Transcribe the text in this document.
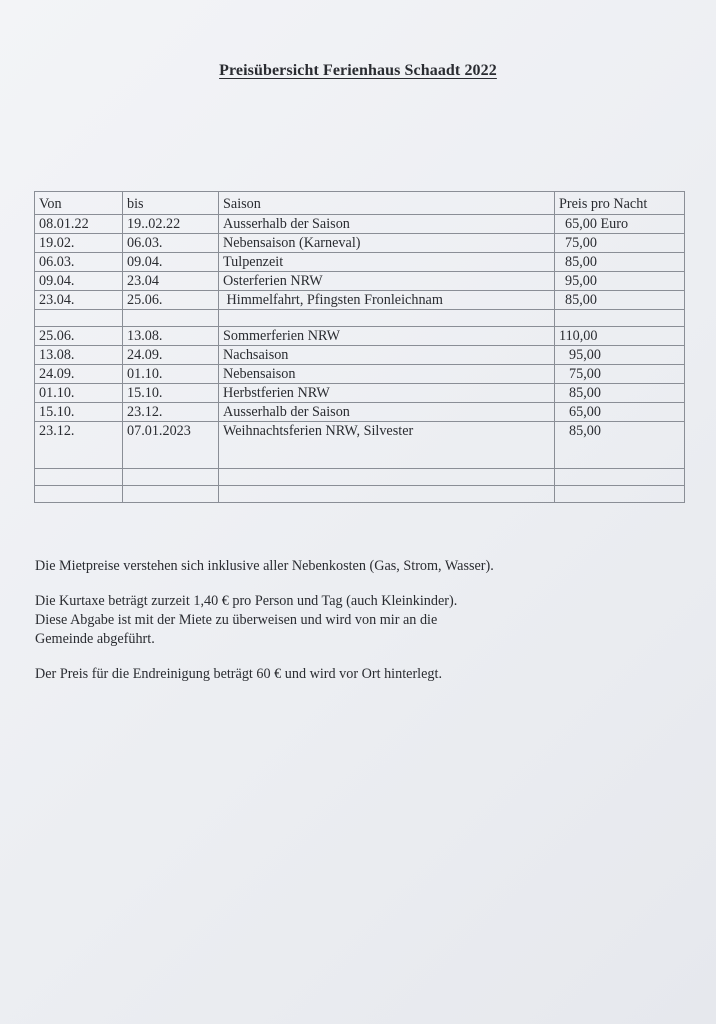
Preisübersicht Ferienhaus Schaadt 2022
Von	bis	Saison	Preis pro Nacht
08.01.22	19..02.22	Ausserhalb der Saison	65,00 Euro
19.02.	06.03.	Nebensaison (Karneval)	75,00
06.03.	09.04.	Tulpenzeit	85,00
09.04.	23.04	Osterferien NRW	95,00
23.04.	25.06.	Himmelfahrt, Pfingsten Fronleichnam	85,00

25.06.	13.08.	Sommerferien NRW	110,00
13.08.	24.09.	Nachsaison	95,00
24.09.	01.10.	Nebensaison	75,00
01.10.	15.10.	Herbstferien NRW	85,00
15.10.	23.12.	Ausserhalb der Saison	65,00
23.12.	07.01.2023	Weihnachtsferien NRW, Silvester	85,00

Die Mietpreise verstehen sich inklusive aller Nebenkosten (Gas, Strom, Wasser).

Die Kurtaxe beträgt zurzeit 1,40 € pro Person und Tag (auch Kleinkinder).
Diese Abgabe ist mit der Miete zu überweisen und wird von mir an die
Gemeinde abgeführt.

Der Preis für die Endreinigung beträgt 60 € und wird vor Ort hinterlegt.
